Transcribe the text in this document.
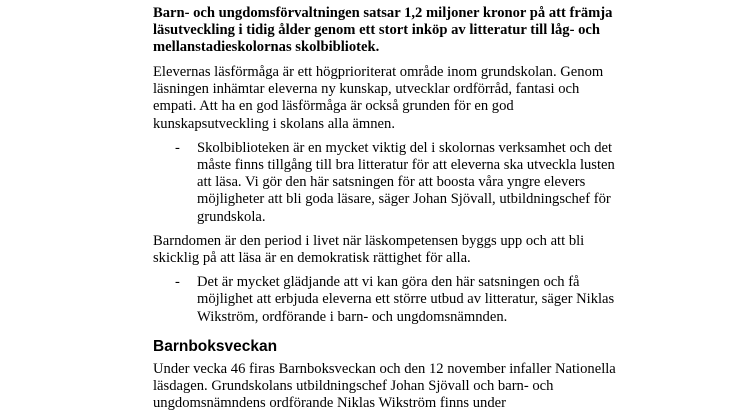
Barn- och ungdomsförvaltningen satsar 1,2 miljoner kronor på att främja läsutveckling i tidig ålder genom ett stort inköp av litteratur till låg- och mellanstadieskolornas skolbibliotek.

Elevernas läsförmåga är ett högprioriterat område inom grundskolan. Genom läsningen inhämtar eleverna ny kunskap, utvecklar ordförråd, fantasi och empati. Att ha en god läsförmåga är också grunden för en god kunskapsutveckling i skolans alla ämnen.

- Skolbiblioteken är en mycket viktig del i skolornas verksamhet och det måste finns tillgång till bra litteratur för att eleverna ska utveckla lusten att läsa. Vi gör den här satsningen för att boosta våra yngre elevers möjligheter att bli goda läsare, säger Johan Sjövall, utbildningschef för grundskola.

Barndomen är den period i livet när läskompetensen byggs upp och att bli skicklig på att läsa är en demokratisk rättighet för alla.

- Det är mycket glädjande att vi kan göra den här satsningen och få möjlighet att erbjuda eleverna ett större utbud av litteratur, säger Niklas Wikström, ordförande i barn- och ungdomsnämnden.
Barnboksveckan

Under vecka 46 firas Barnboksveckan och den 12 november infaller Nationella läsdagen. Grundskolans utbildningschef Johan Sjövall och barn- och ungdomsnämndens ordförande Niklas Wikström finns under
